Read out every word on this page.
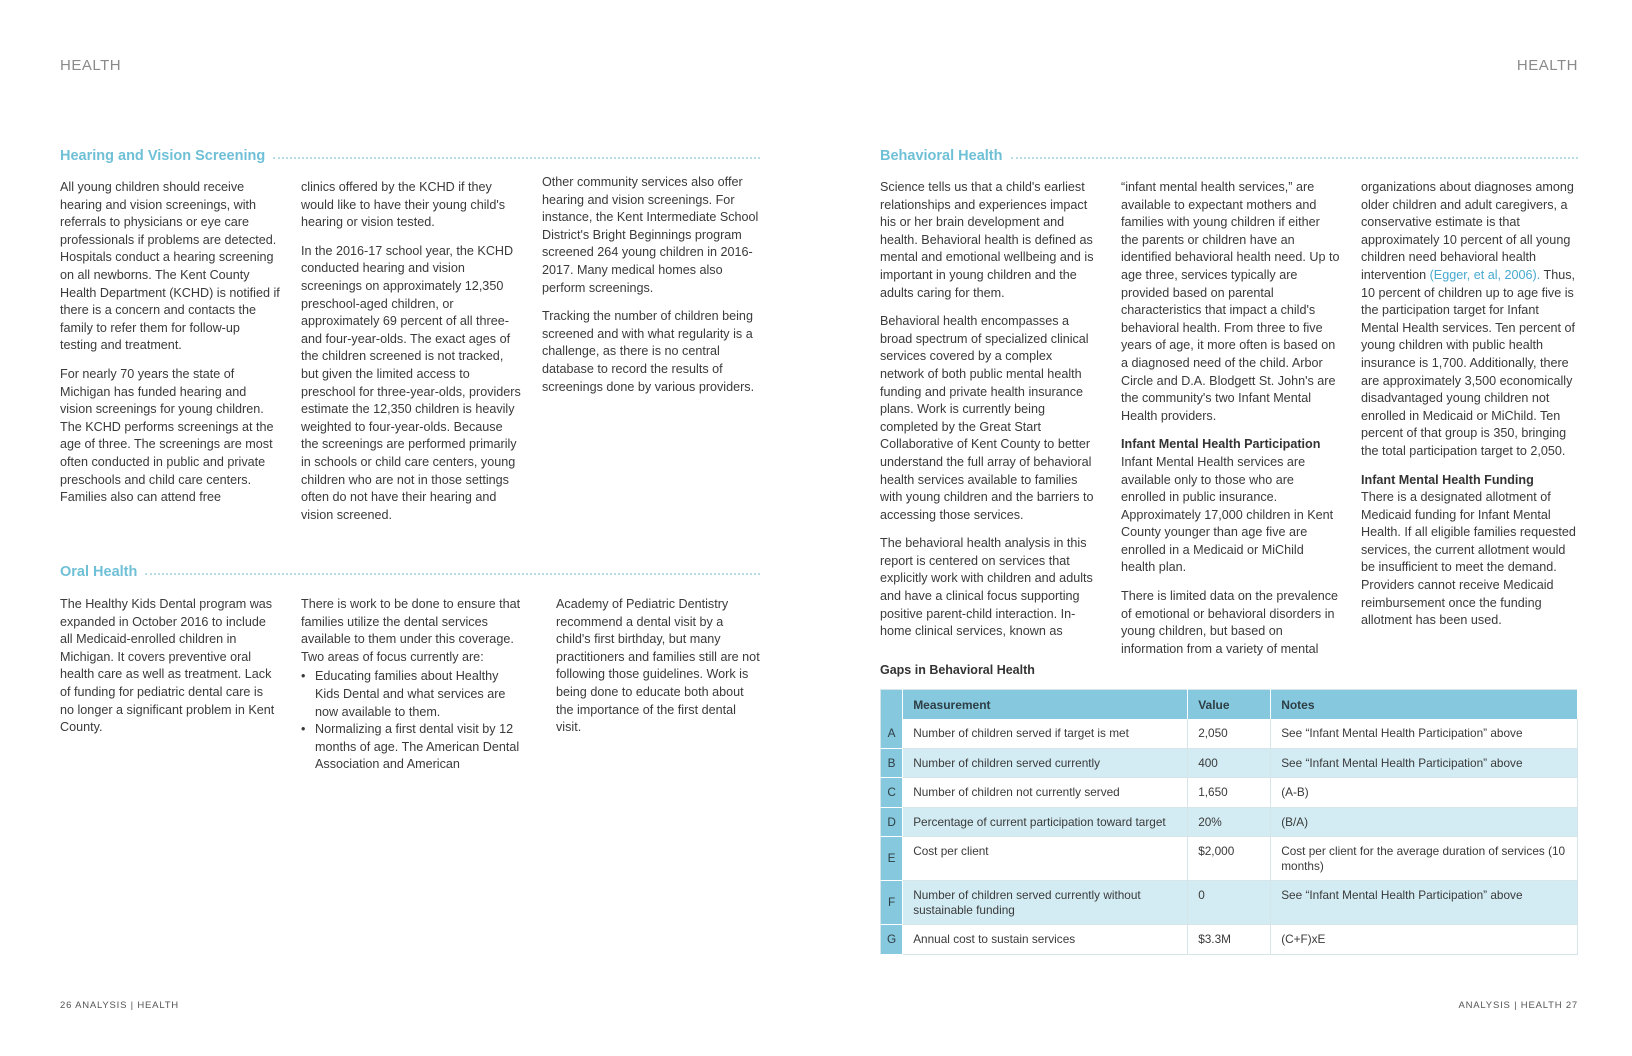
HEALTH	HEALTH
Hearing and Vision Screening

All young children should receive hearing and vision screenings, with referrals to physicians or eye care professionals if problems are detected. Hospitals conduct a hearing screening on all newborns. The Kent County Health Department (KCHD) is notified if there is a concern and contacts the family to refer them for follow-up testing and treatment.

For nearly 70 years the state of Michigan has funded hearing and vision screenings for young children. The KCHD performs screenings at the age of three. The screenings are most often conducted in public and private preschools and child care centers. Families also can attend free

clinics offered by the KCHD if they would like to have their young child's hearing or vision tested.

In the 2016-17 school year, the KCHD conducted hearing and vision screenings on approximately 12,350 preschool-aged children, or approximately 69 percent of all three- and four-year-olds. The exact ages of the children screened is not tracked, but given the limited access to preschool for three-year-olds, providers estimate the 12,350 children is heavily weighted to four-year-olds. Because the screenings are performed primarily in schools or child care centers, young children who are not in those settings often do not have their hearing and vision screened.

Other community services also offer hearing and vision screenings. For instance, the Kent Intermediate School District's Bright Beginnings program screened 264 young children in 2016-2017. Many medical homes also perform screenings.

Tracking the number of children being screened and with what regularity is a challenge, as there is no central database to record the results of screenings done by various providers.

Oral Health

The Healthy Kids Dental program was expanded in October 2016 to include all Medicaid-enrolled children in Michigan. It covers preventive oral health care as well as treatment. Lack of funding for pediatric dental care is no longer a significant problem in Kent County.

There is work to be done to ensure that families utilize the dental services available to them under this coverage. Two areas of focus currently are:

• Educating families about Healthy Kids Dental and what services are now available to them.
• Normalizing a first dental visit by 12 months of age. The American Dental Association and American

Academy of Pediatric Dentistry recommend a dental visit by a child's first birthday, but many practitioners and families still are not following those guidelines. Work is being done to educate both about the importance of the first dental visit.

26 ANALYSIS | HEALTH
Behavioral Health

Science tells us that a child's earliest relationships and experiences impact his or her brain development and health. Behavioral health is defined as mental and emotional wellbeing and is important in young children and the adults caring for them.

Behavioral health encompasses a broad spectrum of specialized clinical services covered by a complex network of both public mental health funding and private health insurance plans. Work is currently being completed by the Great Start Collaborative of Kent County to better understand the full array of behavioral health services available to families with young children and the barriers to accessing those services.

The behavioral health analysis in this report is centered on services that explicitly work with children and adults and have a clinical focus supporting positive parent-child interaction. In-home clinical services, known as

“infant mental health services,” are available to expectant mothers and families with young children if either the parents or children have an identified behavioral health need. Up to age three, services typically are provided based on parental characteristics that impact a child's behavioral health. From three to five years of age, it more often is based on a diagnosed need of the child. Arbor Circle and D.A. Blodgett St. John's are the community's two Infant Mental Health providers.

Infant Mental Health Participation

Infant Mental Health services are available only to those who are enrolled in public insurance. Approximately 17,000 children in Kent County younger than age five are enrolled in a Medicaid or MiChild health plan.

There is limited data on the prevalence of emotional or behavioral disorders in young children, but based on information from a variety of mental

organizations about diagnoses among older children and adult caregivers, a conservative estimate is that approximately 10 percent of all young children need behavioral health intervention (Egger, et al, 2006). Thus, 10 percent of children up to age five is the participation target for Infant Mental Health services. Ten percent of young children with public health insurance is 1,700. Additionally, there are approximately 3,500 economically disadvantaged young children not enrolled in Medicaid or MiChild. Ten percent of that group is 350, bringing the total participation target to 2,050.

Infant Mental Health Funding

There is a designated allotment of Medicaid funding for Infant Mental Health. If all eligible families requested services, the current allotment would be insufficient to meet the demand. Providers cannot receive Medicaid reimbursement once the funding allotment has been used.

Gaps in Behavioral Health
	Measurement	Value	Notes
A	Number of children served if target is met	2,050	See “Infant Mental Health Participation” above
B	Number of children served currently	400	See “Infant Mental Health Participation” above
C	Number of children not currently served	1,650	(A-B)
D	Percentage of current participation toward target	20%	(B/A)
E	Cost per client	$2,000	Cost per client for the average duration of services (10 months)
F	Number of children served currently without sustainable funding	0	See “Infant Mental Health Participation” above
G	Annual cost to sustain services	$3.3M	(C+F)xE
ANALYSIS | HEALTH 27
